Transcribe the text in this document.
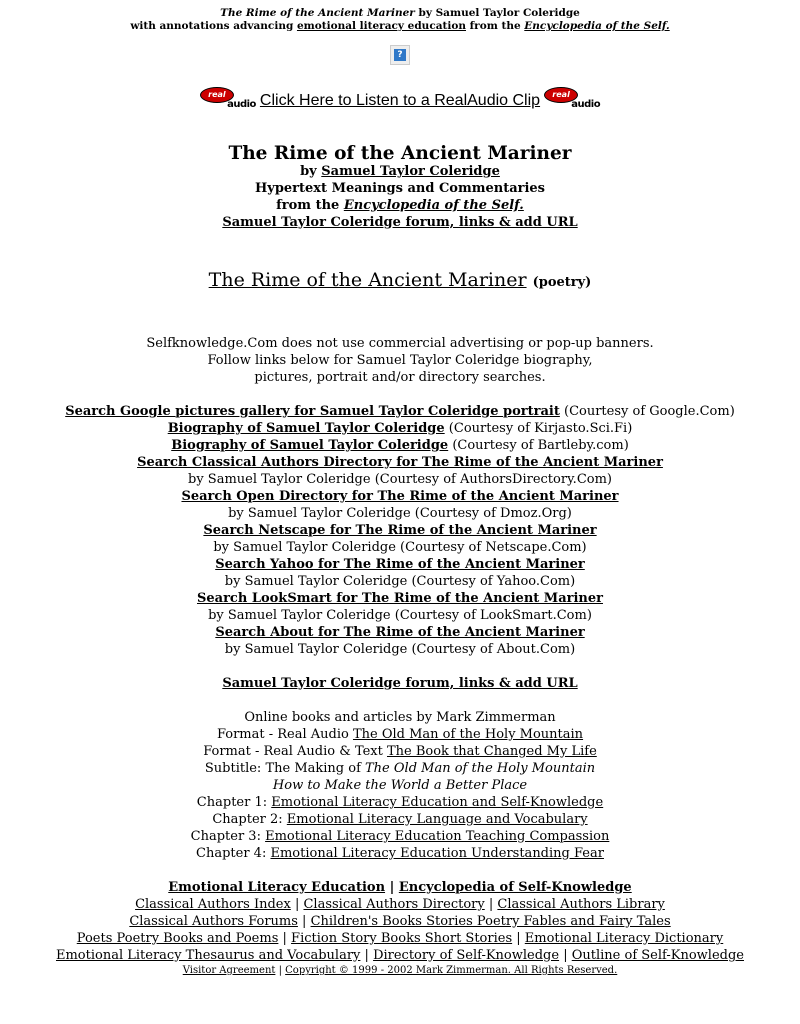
The Rime of the Ancient Mariner by Samuel Taylor Coleridge
with annotations advancing emotional literacy education from the Encyclopedia of the Self.
?
real
audio Click Here to Listen to a RealAudio Clip	real
audio
The Rime of the Ancient Mariner
by Samuel Taylor Coleridge
Hypertext Meanings and Commentaries
from the Encyclopedia of the Self.
Samuel Taylor Coleridge forum, links & add URL
The Rime of the Ancient Mariner (poetry)
Selfknowledge.Com does not use commercial advertising or pop-up banners.
Follow links below for Samuel Taylor Coleridge biography,
pictures, portrait and/or directory searches.
Search Google pictures gallery for Samuel Taylor Coleridge portrait (Courtesy of Google.Com)
Biography of Samuel Taylor Coleridge (Courtesy of Kirjasto.Sci.Fi)
Biography of Samuel Taylor Coleridge (Courtesy of Bartleby.com)
Search Classical Authors Directory for The Rime of the Ancient Mariner
by Samuel Taylor Coleridge (Courtesy of AuthorsDirectory.Com)
Search Open Directory for The Rime of the Ancient Mariner
by Samuel Taylor Coleridge (Courtesy of Dmoz.Org)
Search Netscape for The Rime of the Ancient Mariner
by Samuel Taylor Coleridge (Courtesy of Netscape.Com)
Search Yahoo for The Rime of the Ancient Mariner
by Samuel Taylor Coleridge (Courtesy of Yahoo.Com)
Search LookSmart for The Rime of the Ancient Mariner
by Samuel Taylor Coleridge (Courtesy of LookSmart.Com)
Search About for The Rime of the Ancient Mariner
by Samuel Taylor Coleridge (Courtesy of About.Com)
Samuel Taylor Coleridge forum, links & add URL
Online books and articles by Mark Zimmerman
Format - Real Audio The Old Man of the Holy Mountain
Format - Real Audio & Text The Book that Changed My Life
Subtitle: The Making of The Old Man of the Holy Mountain
How to Make the World a Better Place
Chapter 1: Emotional Literacy Education and Self-Knowledge
Chapter 2: Emotional Literacy Language and Vocabulary
Chapter 3: Emotional Literacy Education Teaching Compassion
Chapter 4: Emotional Literacy Education Understanding Fear
Emotional Literacy Education | Encyclopedia of Self-Knowledge
Classical Authors Index | Classical Authors Directory | Classical Authors Library
Classical Authors Forums | Children's Books Stories Poetry Fables and Fairy Tales
Poets Poetry Books and Poems | Fiction Story Books Short Stories | Emotional Literacy Dictionary
Emotional Literacy Thesaurus and Vocabulary | Directory of Self-Knowledge | Outline of Self-Knowledge
Visitor Agreement | Copyright © 1999 - 2002 Mark Zimmerman. All Rights Reserved.
